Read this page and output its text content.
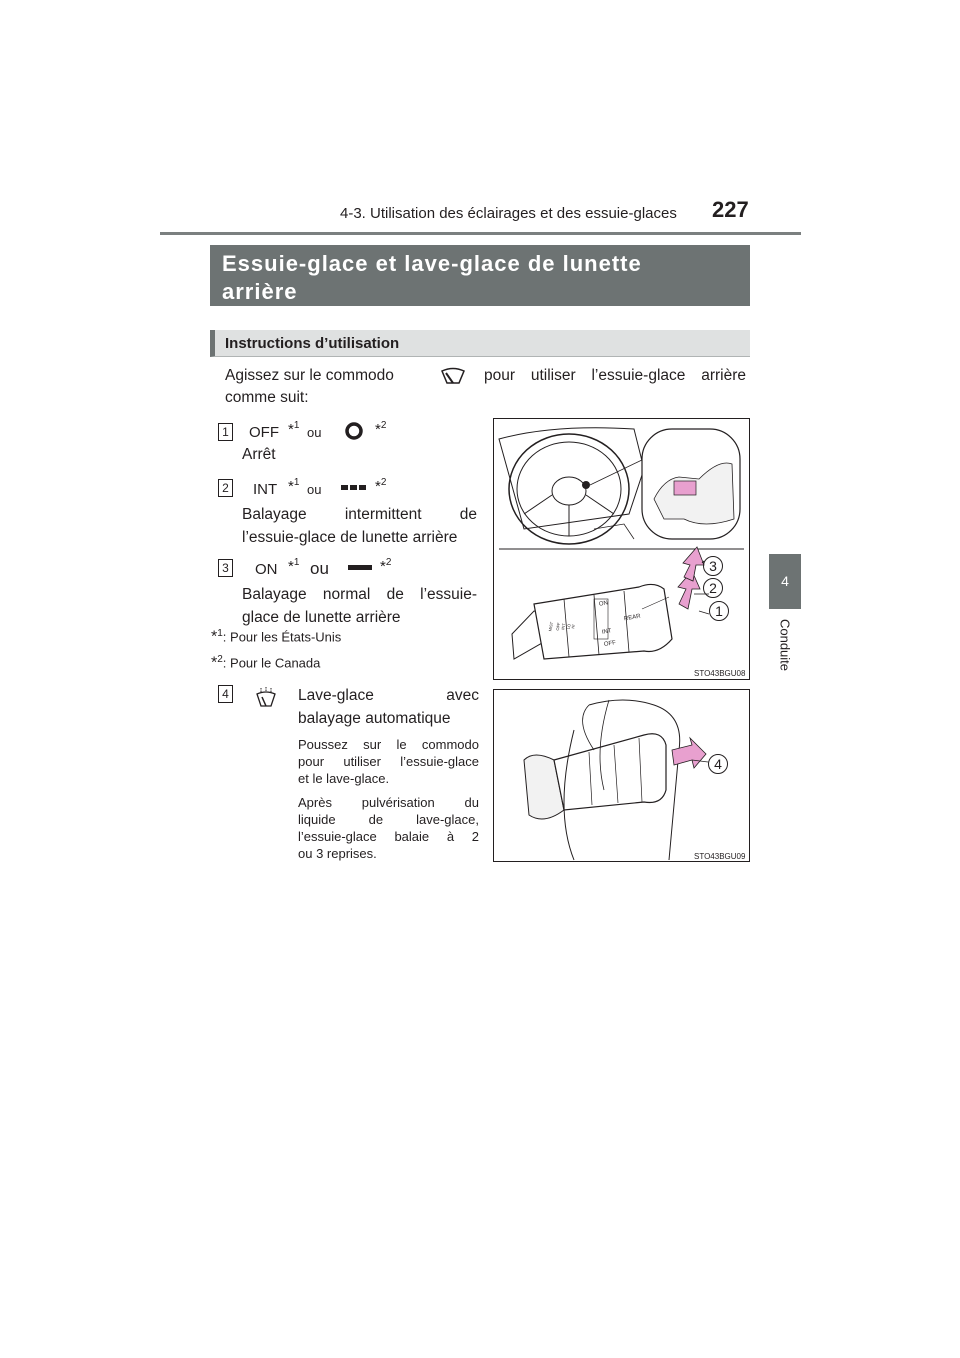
4-3. Utilisation des éclairages et des essuie-glaces 227
4
Conduite
Essuie-glace et lave-glace de lunette
arrière
Instructions d’utilisation
Agissez sur le commodo	pour utiliser l’essuie-glace arrière
comme suit:
1 OFF *$^1$ ou	*$^2$
Arrêt
2 INT *$^1$ ou	*$^2$
Balayage intermittent de
l’essuie-glace de lunette arrière
3 ON *$^1$ ou	*$^2$
Balayage normal de l’essuie-
glace de lunette arrière
*$^1$: Pour les États-Unis
*$^2$: Pour le Canada
4	Lave-glace avec
balayage automatique
Poussez sur le commodo
pour utiliser l’essuie-glace
et le lave-glace.
Après pulvérisation du
liquide de lave-glace,
l’essuie-glace balaie à 2
ou 3 reprises.
ON
INT
OFF
REAR
MIST OFF INT LO
HI
3
2
1
STO43BGU08
4
STO43BGU09
